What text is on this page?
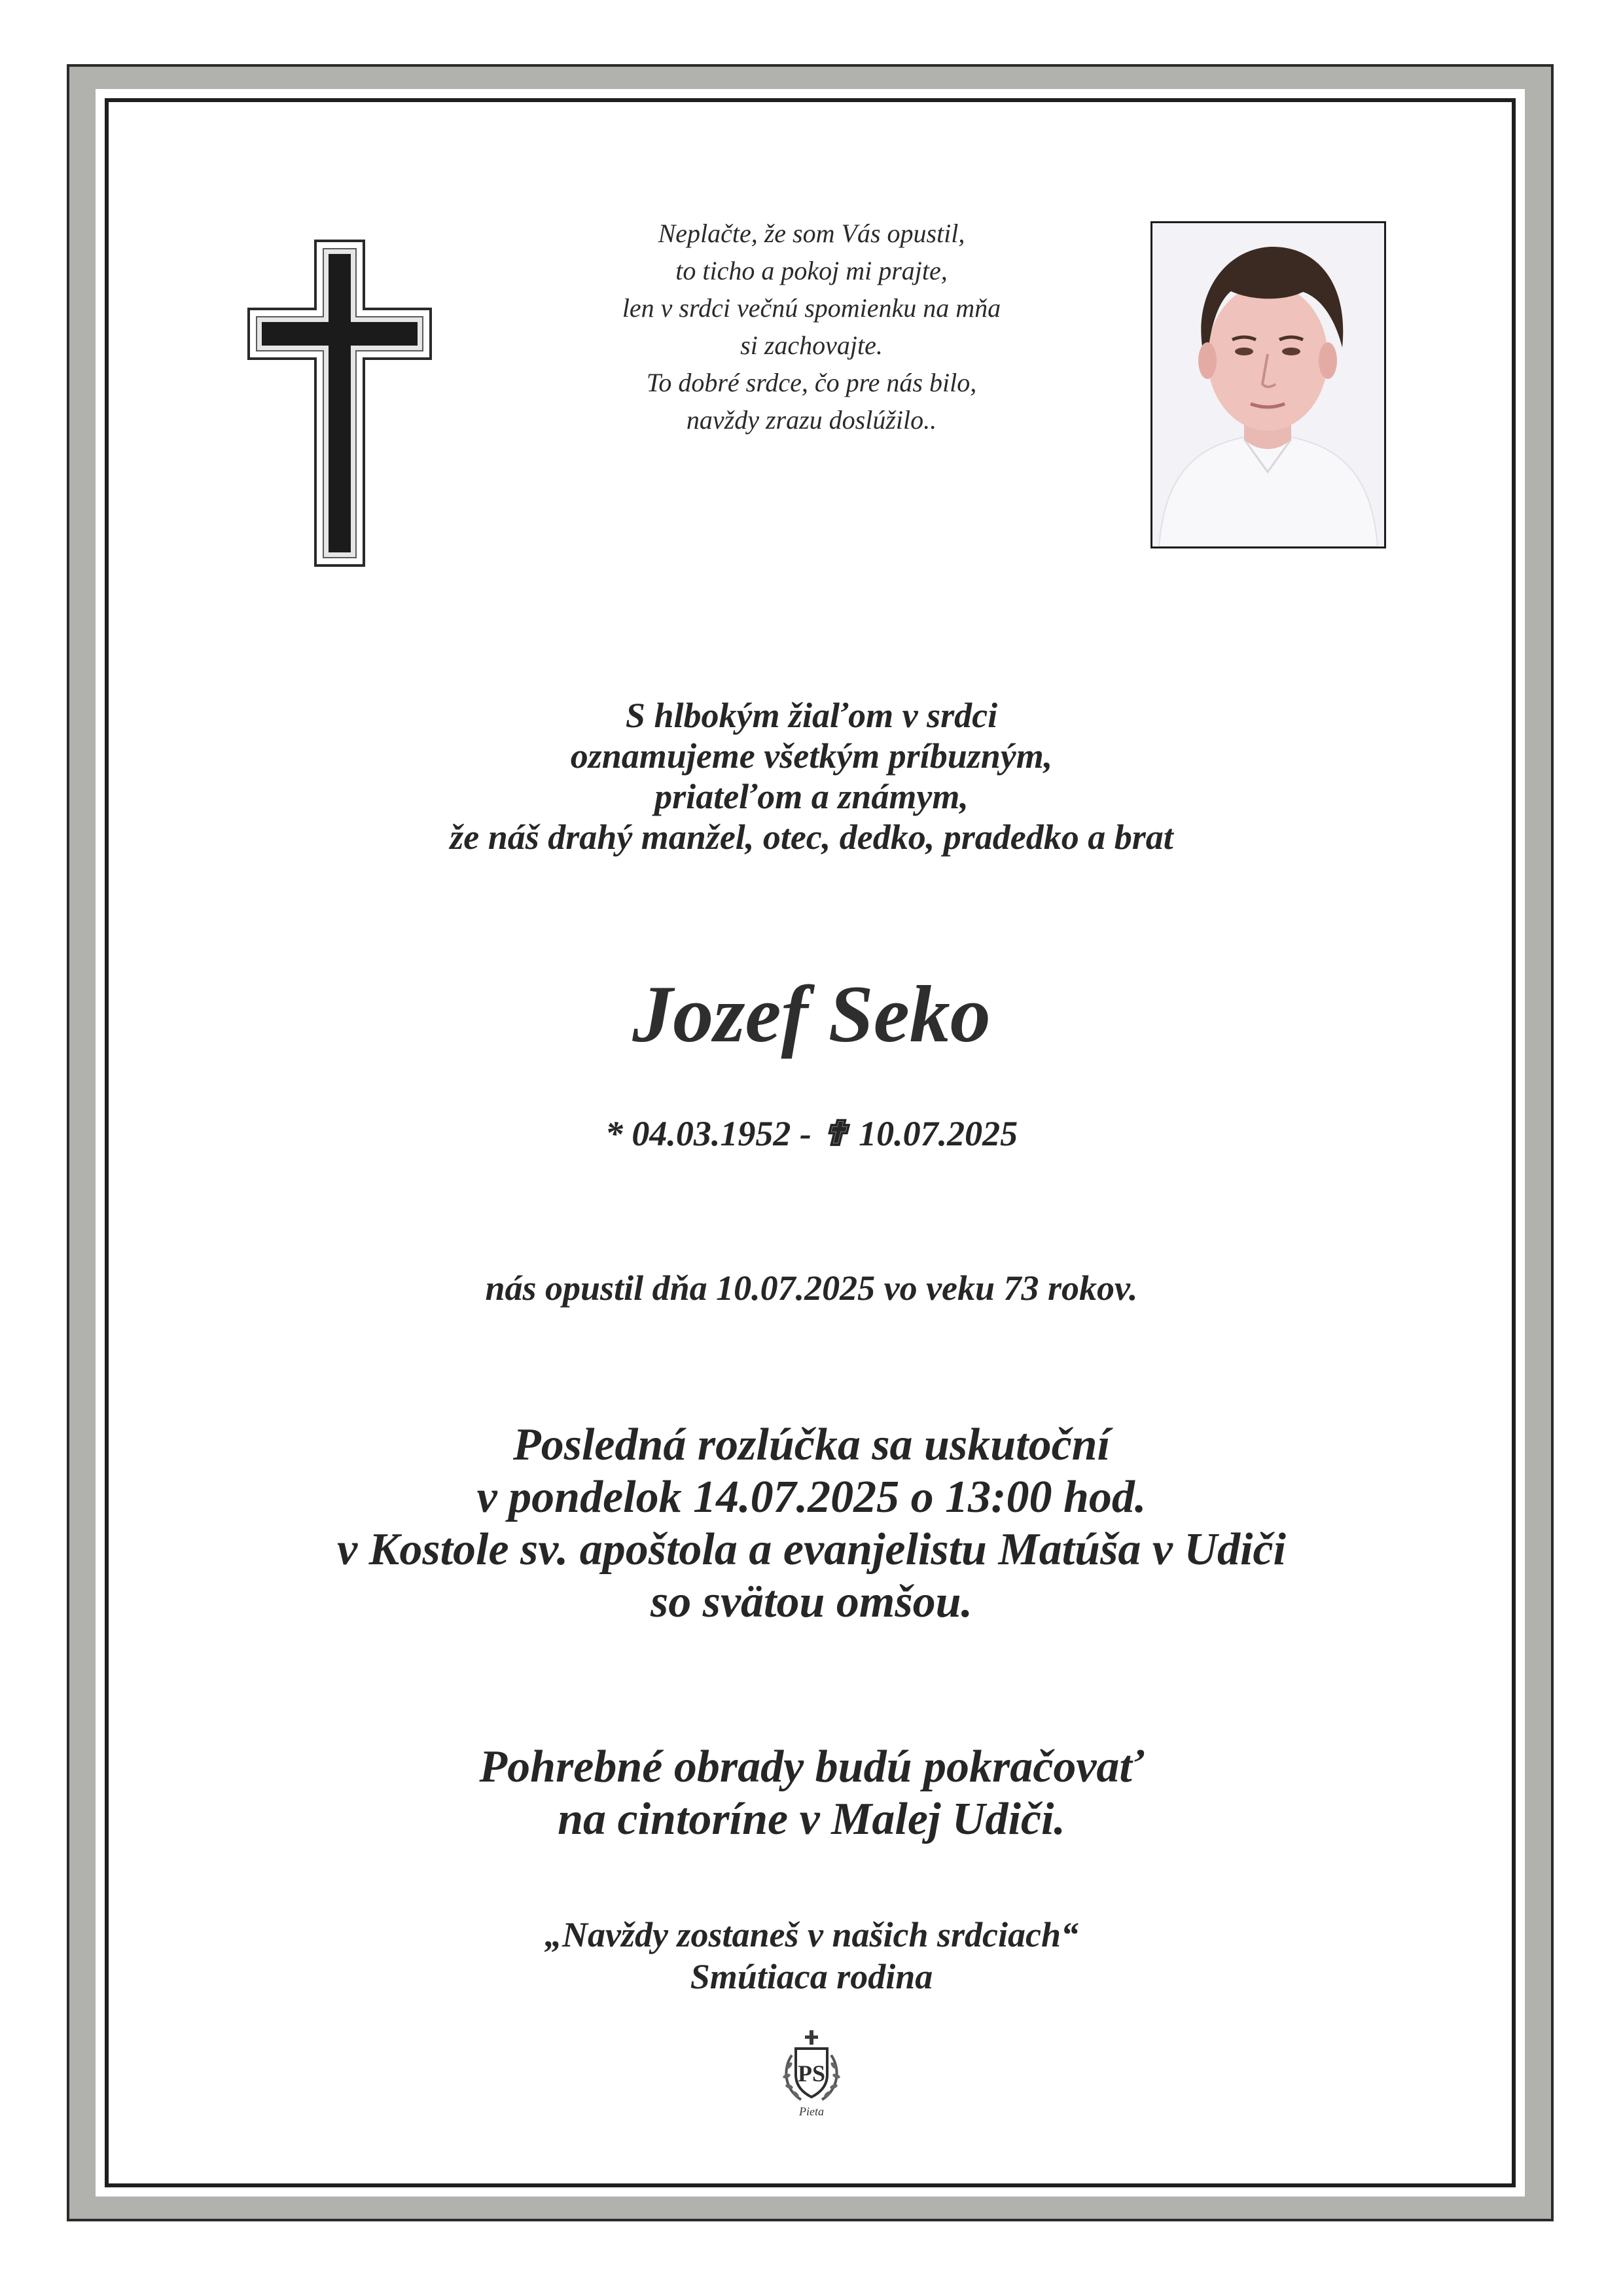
Neplačte, že som Vás opustil,
to ticho a pokoj mi prajte,
len v srdci večnú spomienku na mňa
si zachovajte.
To dobré srdce, čo pre nás bilo,
navždy zrazu doslúžilo..
S hlbokým žiaľom v srdci
oznamujeme všetkým príbuzným,
priateľom a známym,
že náš drahý manžel, otec, dedko, pradedko a brat
Jozef Seko
* 04.03.1952 - ✟ 10.07.2025
nás opustil dňa 10.07.2025 vo veku 73 rokov.
Posledná rozlúčka sa uskutoční
v pondelok 14.07.2025 o 13:00 hod.
v Kostole sv. apoštola a evanjelistu Matúša v Udiči
so svätou omšou.
Pohrebné obrady budú pokračovať
na cintoríne v Malej Udiči.
„Navždy zostaneš v našich srdciach“
Smútiaca rodina
PS
Pieta
